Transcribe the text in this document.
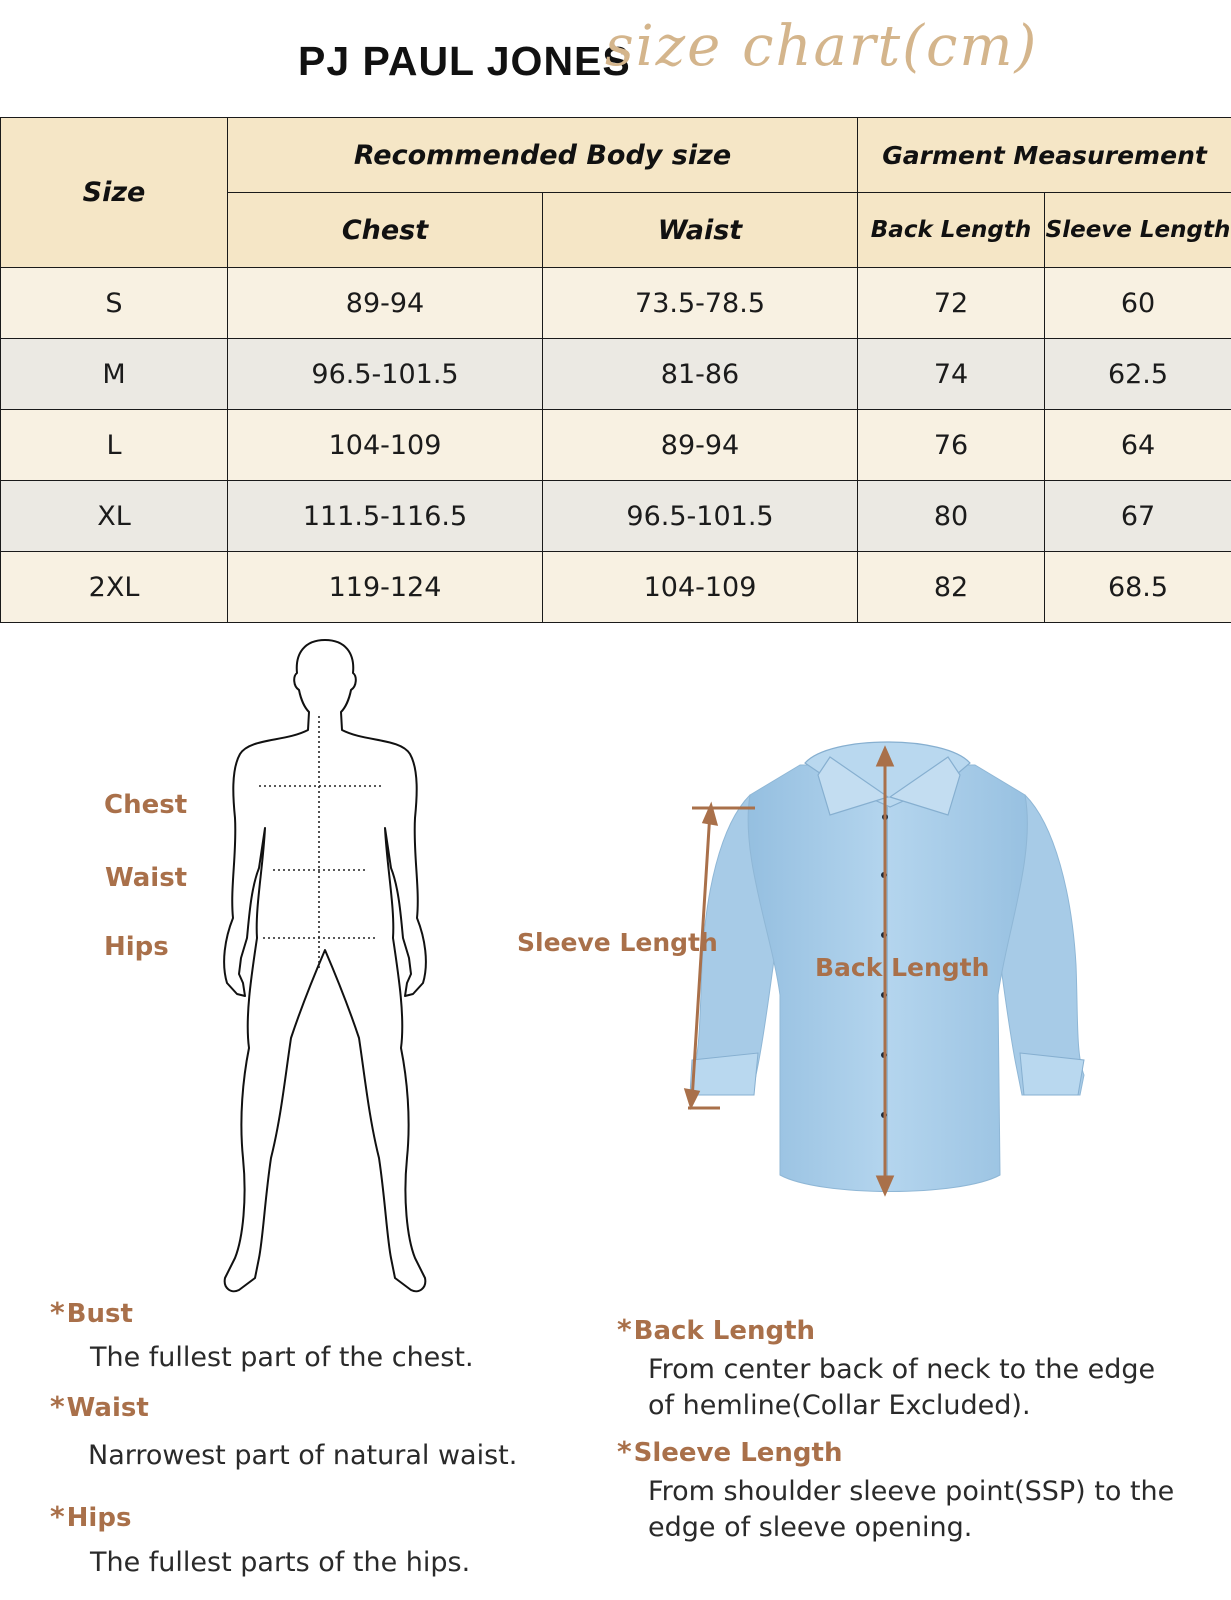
PJ PAUL JONES
size chart(cm)
Size	Recommended Body size		Garment Measurement	
	Chest	Waist	Back Length	Sleeve Length
S	89-94	73.5-78.5	72	60
M	96.5-101.5	81-86	74	62.5
L	104-109	89-94	76	64
XL	111.5-116.5	96.5-101.5	80	67
2XL	119-124	104-109	82	68.5
Chest
Waist
Hips	Sleeve Length
Back Length
*Bust
The fullest part of the chest.
*Waist
Narrowest part of natural waist.
*Hips
The fullest parts of the hips.
*Back Length
From center back of neck to the edge
of hemline(Collar Excluded).
*Sleeve Length
From shoulder sleeve point(SSP) to the
edge of sleeve opening.
